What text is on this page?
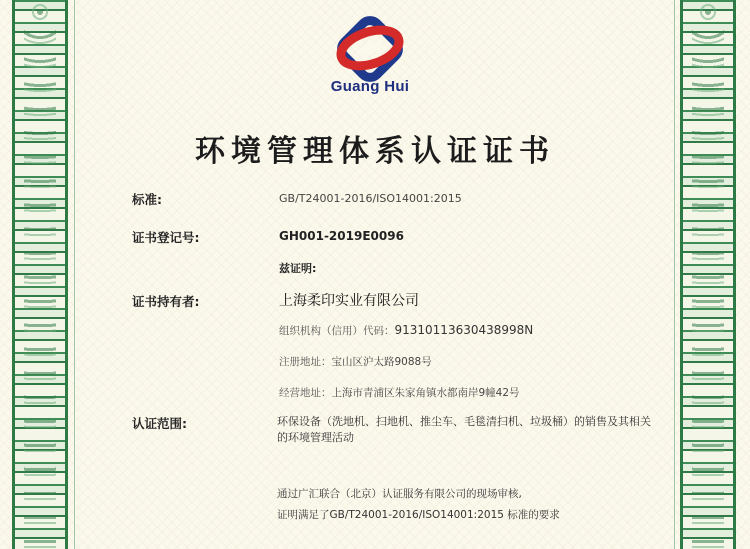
Guang Hui
环境管理体系认证证书
标准:	GB/T24001-2016/ISO14001:2015
证书登记号:	GH001-2019E0096
兹证明:
证书持有者:	上海柔印实业有限公司
组织机构（信用）代码：91310113630438998N
注册地址：宝山区沪太路9088号
经营地址：上海市青浦区朱家角镇水都南岸9幢42号
认证范围:	环保设备（洗地机、扫地机、推尘车、毛毯清扫机、垃圾桶）的销售及其相关的环境管理活动
通过广汇联合（北京）认证服务有限公司的现场审核,
证明满足了GB/T24001-2016/ISO14001:2015 标准的要求
